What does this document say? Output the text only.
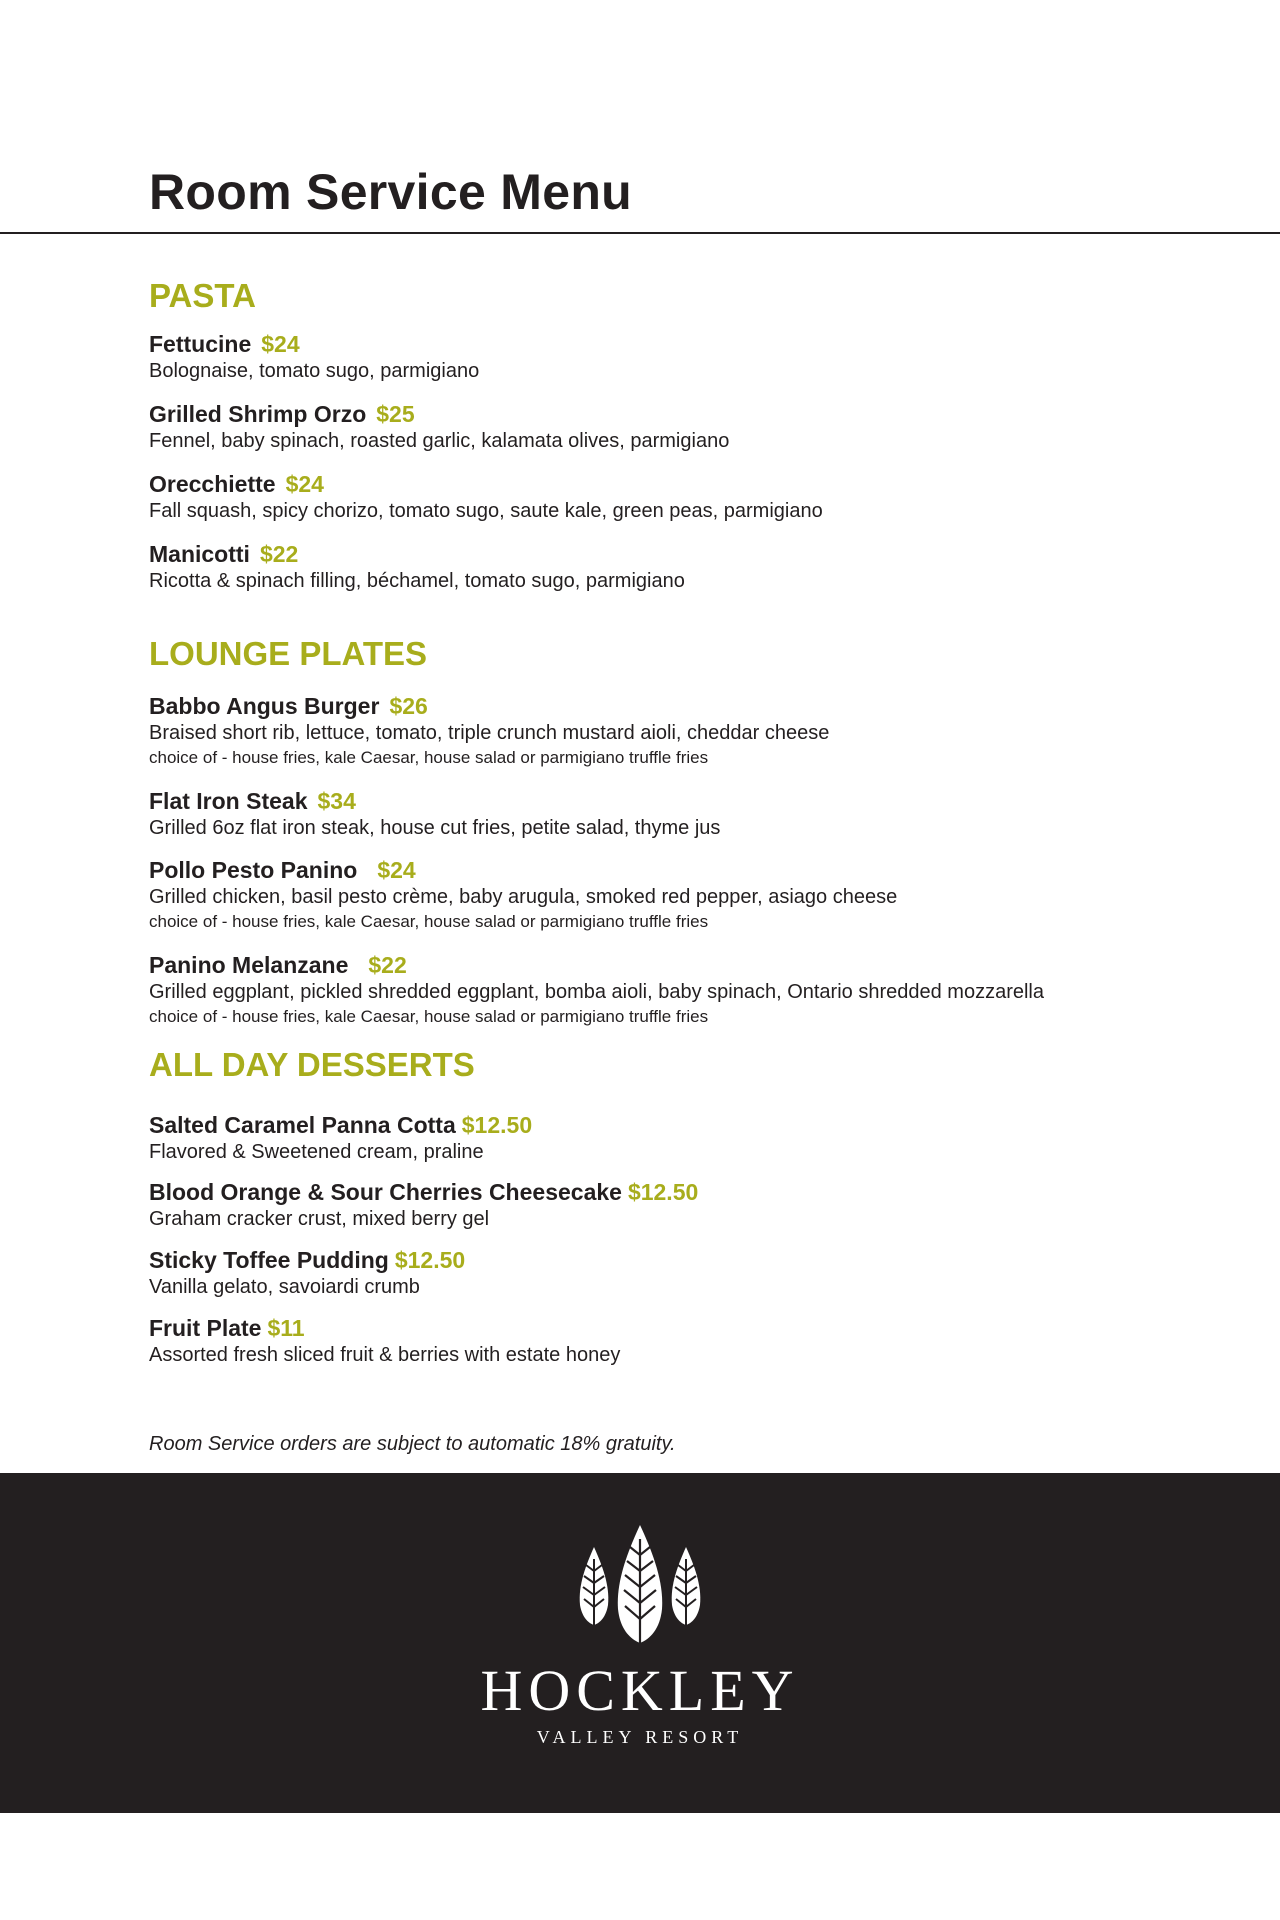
Room Service Menu
PASTA
Fettucine $24
Bolognaise, tomato sugo, parmigiano
Grilled Shrimp Orzo $25
Fennel, baby spinach, roasted garlic, kalamata olives, parmigiano
Orecchiette $24
Fall squash, spicy chorizo, tomato sugo, saute kale, green peas, parmigiano
Manicotti $22
Ricotta & spinach filling, béchamel, tomato sugo, parmigiano
LOUNGE PLATES
Babbo Angus Burger $26
Braised short rib, lettuce, tomato, triple crunch mustard aioli, cheddar cheese
choice of - house fries, kale Caesar, house salad or parmigiano truffle fries
Flat Iron Steak $34
Grilled 6oz flat iron steak, house cut fries, petite salad, thyme jus
Pollo Pesto Panino $24
Grilled chicken, basil pesto crème, baby arugula, smoked red pepper, asiago cheese
choice of - house fries, kale Caesar, house salad or parmigiano truffle fries
Panino Melanzane $22
Grilled eggplant, pickled shredded eggplant, bomba aioli, baby spinach, Ontario shredded mozzarella
choice of - house fries, kale Caesar, house salad or parmigiano truffle fries
ALL DAY DESSERTS
Salted Caramel Panna Cotta $12.50
Flavored & Sweetened cream, praline
Blood Orange & Sour Cherries Cheesecake $12.50
Graham cracker crust, mixed berry gel
Sticky Toffee Pudding $12.50
Vanilla gelato, savoiardi crumb
Fruit Plate $11
Assorted fresh sliced fruit & berries with estate honey

Room Service orders are subject to automatic 18% gratuity.

HOCKLEY
VALLEY RESORT
